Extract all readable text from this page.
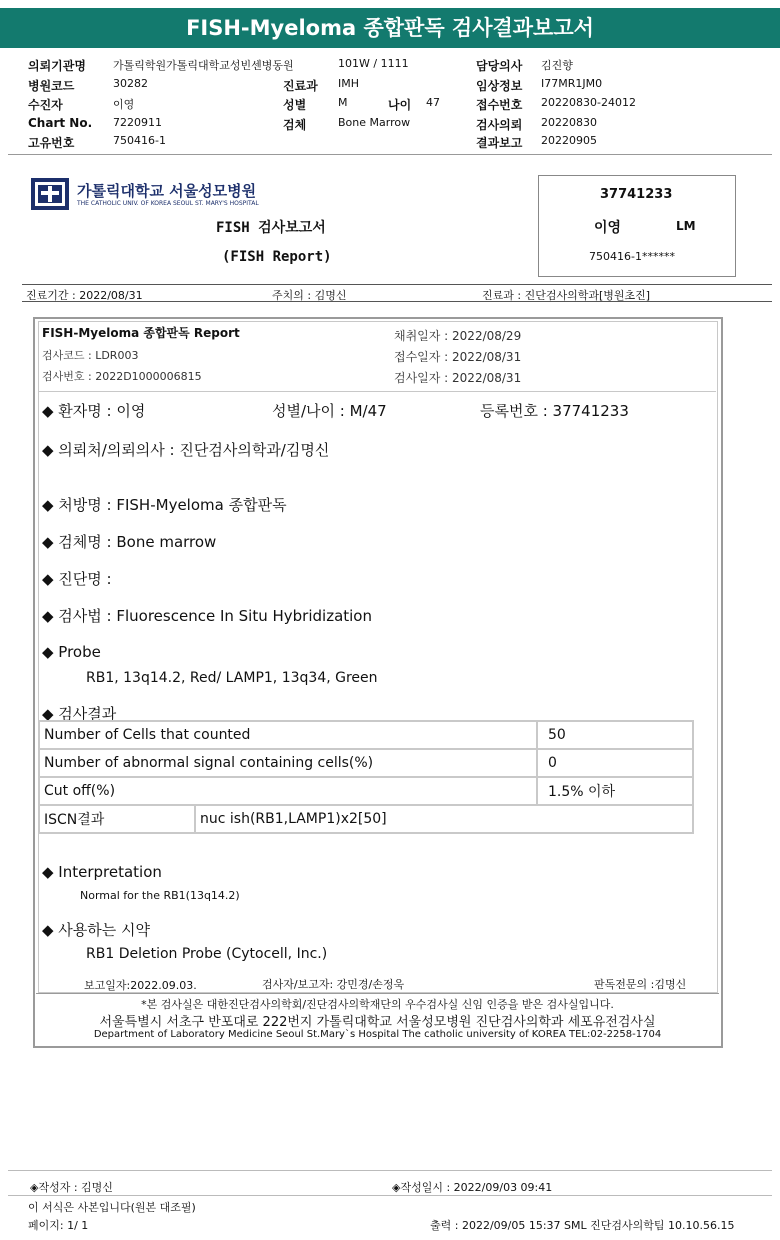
FISH-Myeloma 종합판독 검사결과보고서
의뢰기관명 가톨릭학원가톨릭대학교성빈센병동원	101W / 1111	담당의사 김진향
병원코드	30282	진료과 IMH	임상정보 I77MR1JM0
수진자	이영	성별	M	나이 47	접수번호 20220830-24012
Chart No. 7220911	검체	Bone Marrow	검사의뢰 20220830
고유번호	750416-1	결과보고 20220905
가톨릭대학교 서울성모병원
THE CATHOLIC UNIV. OF KOREA SEOUL ST. MARY'S HOSPITAL
FISH 검사보고서
(FISH Report)
37741233
이영	LM
750416-1******
진료기간 : 2022/08/31	주치의 : 김명신	진료과 : 진단검사의학과[병원초진]
FISH-Myeloma 종합판독 Report
검사코드 : LDR003
검사번호 : 2022D1000006815
채취일자 : 2022/08/29
접수일자 : 2022/08/31
검사일자 : 2022/08/31
◆ 환자명 : 이영	성별/나이 : M/47	등록번호 : 37741233
◆ 의뢰처/의뢰의사 : 진단검사의학과/김명신
◆ 처방명 : FISH-Myeloma 종합판독
◆ 검체명 : Bone marrow
◆ 진단명 :
◆ 검사법 : Fluorescence In Situ Hybridization
◆ Probe
RB1, 13q14.2, Red/ LAMP1, 13q34, Green
◆ 검사결과
Number of Cells that counted		50
Number of abnormal signal containing cells(%)		0
Cut off(%)		1.5% 이하
ISCN결과	nuc ish(RB1,LAMP1)x2[50]	
◆ Interpretation
Normal for the RB1(13q14.2)
◆ 사용하는 시약
RB1 Deletion Probe (Cytocell, Inc.)
보고일자:2022.09.03.	검사자/보고자: 강민경/손정욱	판독전문의 :김명신
*본 검사실은 대한진단검사의학회/진단검사의학재단의 우수검사실 신임 인증을 받은 검사실입니다.
서울특별시 서초구 반포대로 222번지 가톨릭대학교 서울성모병원 진단검사의학과 세포유전검사실
Department of Laboratory Medicine Seoul St.Mary`s Hospital The catholic university of KOREA TEL:02-2258-1704
◈작성자 : 김명신	◈작성일시 : 2022/09/03 09:41
이 서식은 사본입니다(원본 대조필)
페이지: 1/ 1	출력 : 2022/09/05 15:37 SML 진단검사의학팀 10.10.56.15
